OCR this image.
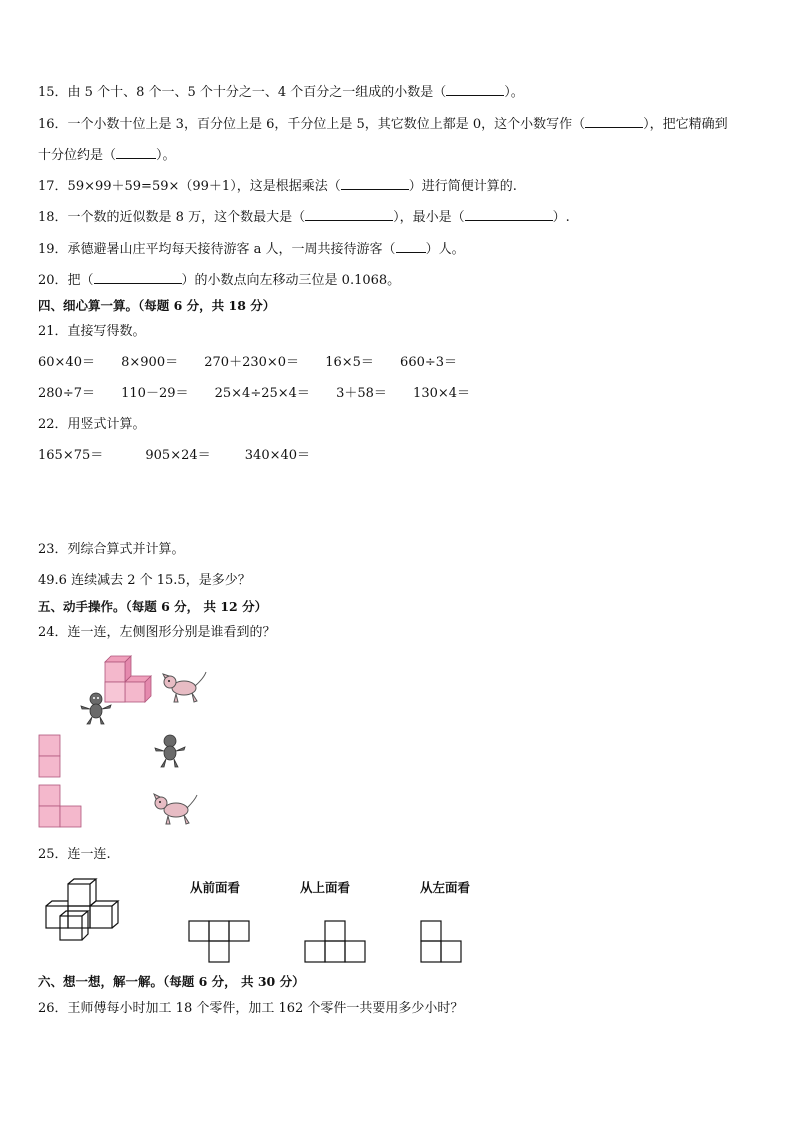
15．由 5 个十、8 个一、5 个十分之一、4 个百分之一组成的小数是（	）。
16．一个小数十位上是 3，百分位上是 6，千分位上是 5，其它数位上都是 0，这个小数写作（	），把它精确到
十分位约是（	）。
17．59×99＋59=59×（99＋1），这是根据乘法（	）进行简便计算的.
18．一个数的近似数是 8 万，这个数最大是（	），最小是（	）.
19．承德避暑山庄平均每天接待游客 a 人，一周共接待游客（ ）人。
20．把（	）的小数点向左移动三位是 0.1068。
四、细心算一算。（每题 6 分，共 18 分）
21．直接写得数。
60×40＝ 8×900＝ 270＋230×0＝ 16×5＝ 660÷3＝
280÷7＝ 110－29＝ 25×4÷25×4＝ 3＋58＝ 130×4＝
22．用竖式计算。
165×75＝	905×24＝	340×40＝
23．列综合算式并计算。
49.6 连续减去 2 个 15.5，是多少？
五、动手操作。（每题 6 分， 共 12 分）
24．连一连，左侧图形分别是谁看到的？
25．连一连.
从前面看	从上面看	从左面看
六、想一想，解一解。（每题 6 分， 共 30 分）
26．王师傅每小时加工 18 个零件，加工 162 个零件一共要用多少小时？
